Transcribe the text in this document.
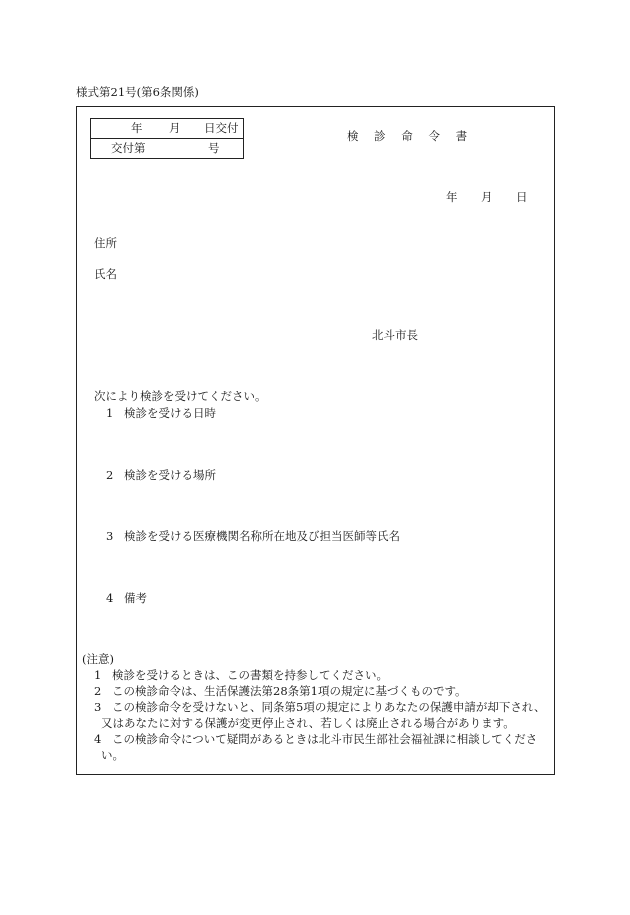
様式第21号(第6条関係)
年 月 日交付
交付第	号
検 診 命 令 書
年 月 日
住所
氏名
北斗市長
次により検診を受けてください。
1 検診を受ける日時
2 検診を受ける場所
3 検診を受ける医療機関名称所在地及び担当医師等氏名
4 備考
(注意)
1 検診を受けるときは、この書類を持参してください。
2 この検診命令は、生活保護法第28条第1項の規定に基づくものです。
3 この検診命令を受けないと、同条第5項の規定によりあなたの保護申請が却下され、
又はあなたに対する保護が変更停止され、若しくは廃止される場合があります。
4 この検診命令について疑問があるときは北斗市民生部社会福祉課に相談してくださ
い。
